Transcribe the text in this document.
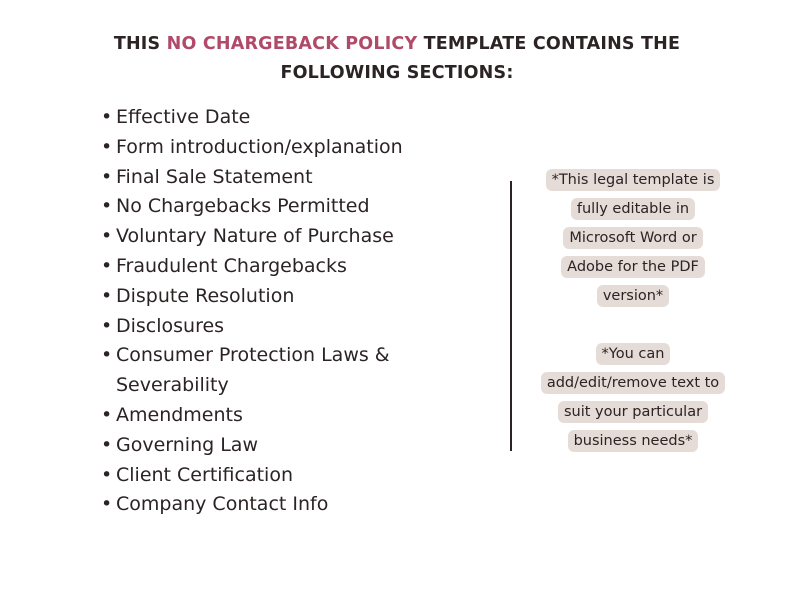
THIS NO CHARGEBACK POLICY TEMPLATE CONTAINS THE
FOLLOWING SECTIONS:
• Effective Date
• Form introduction/explanation
• Final Sale Statement
• No Chargebacks Permitted
• Voluntary Nature of Purchase
• Fraudulent Chargebacks
• Dispute Resolution
• Disclosures
• Consumer Protection Laws &
Severability
• Amendments
• Governing Law
• Client Certification
• Company Contact Info
*This legal template is
fully editable in
Microsoft Word or
Adobe for the PDF
version*
*You can
add/edit/remove text to
suit your particular
business needs*
